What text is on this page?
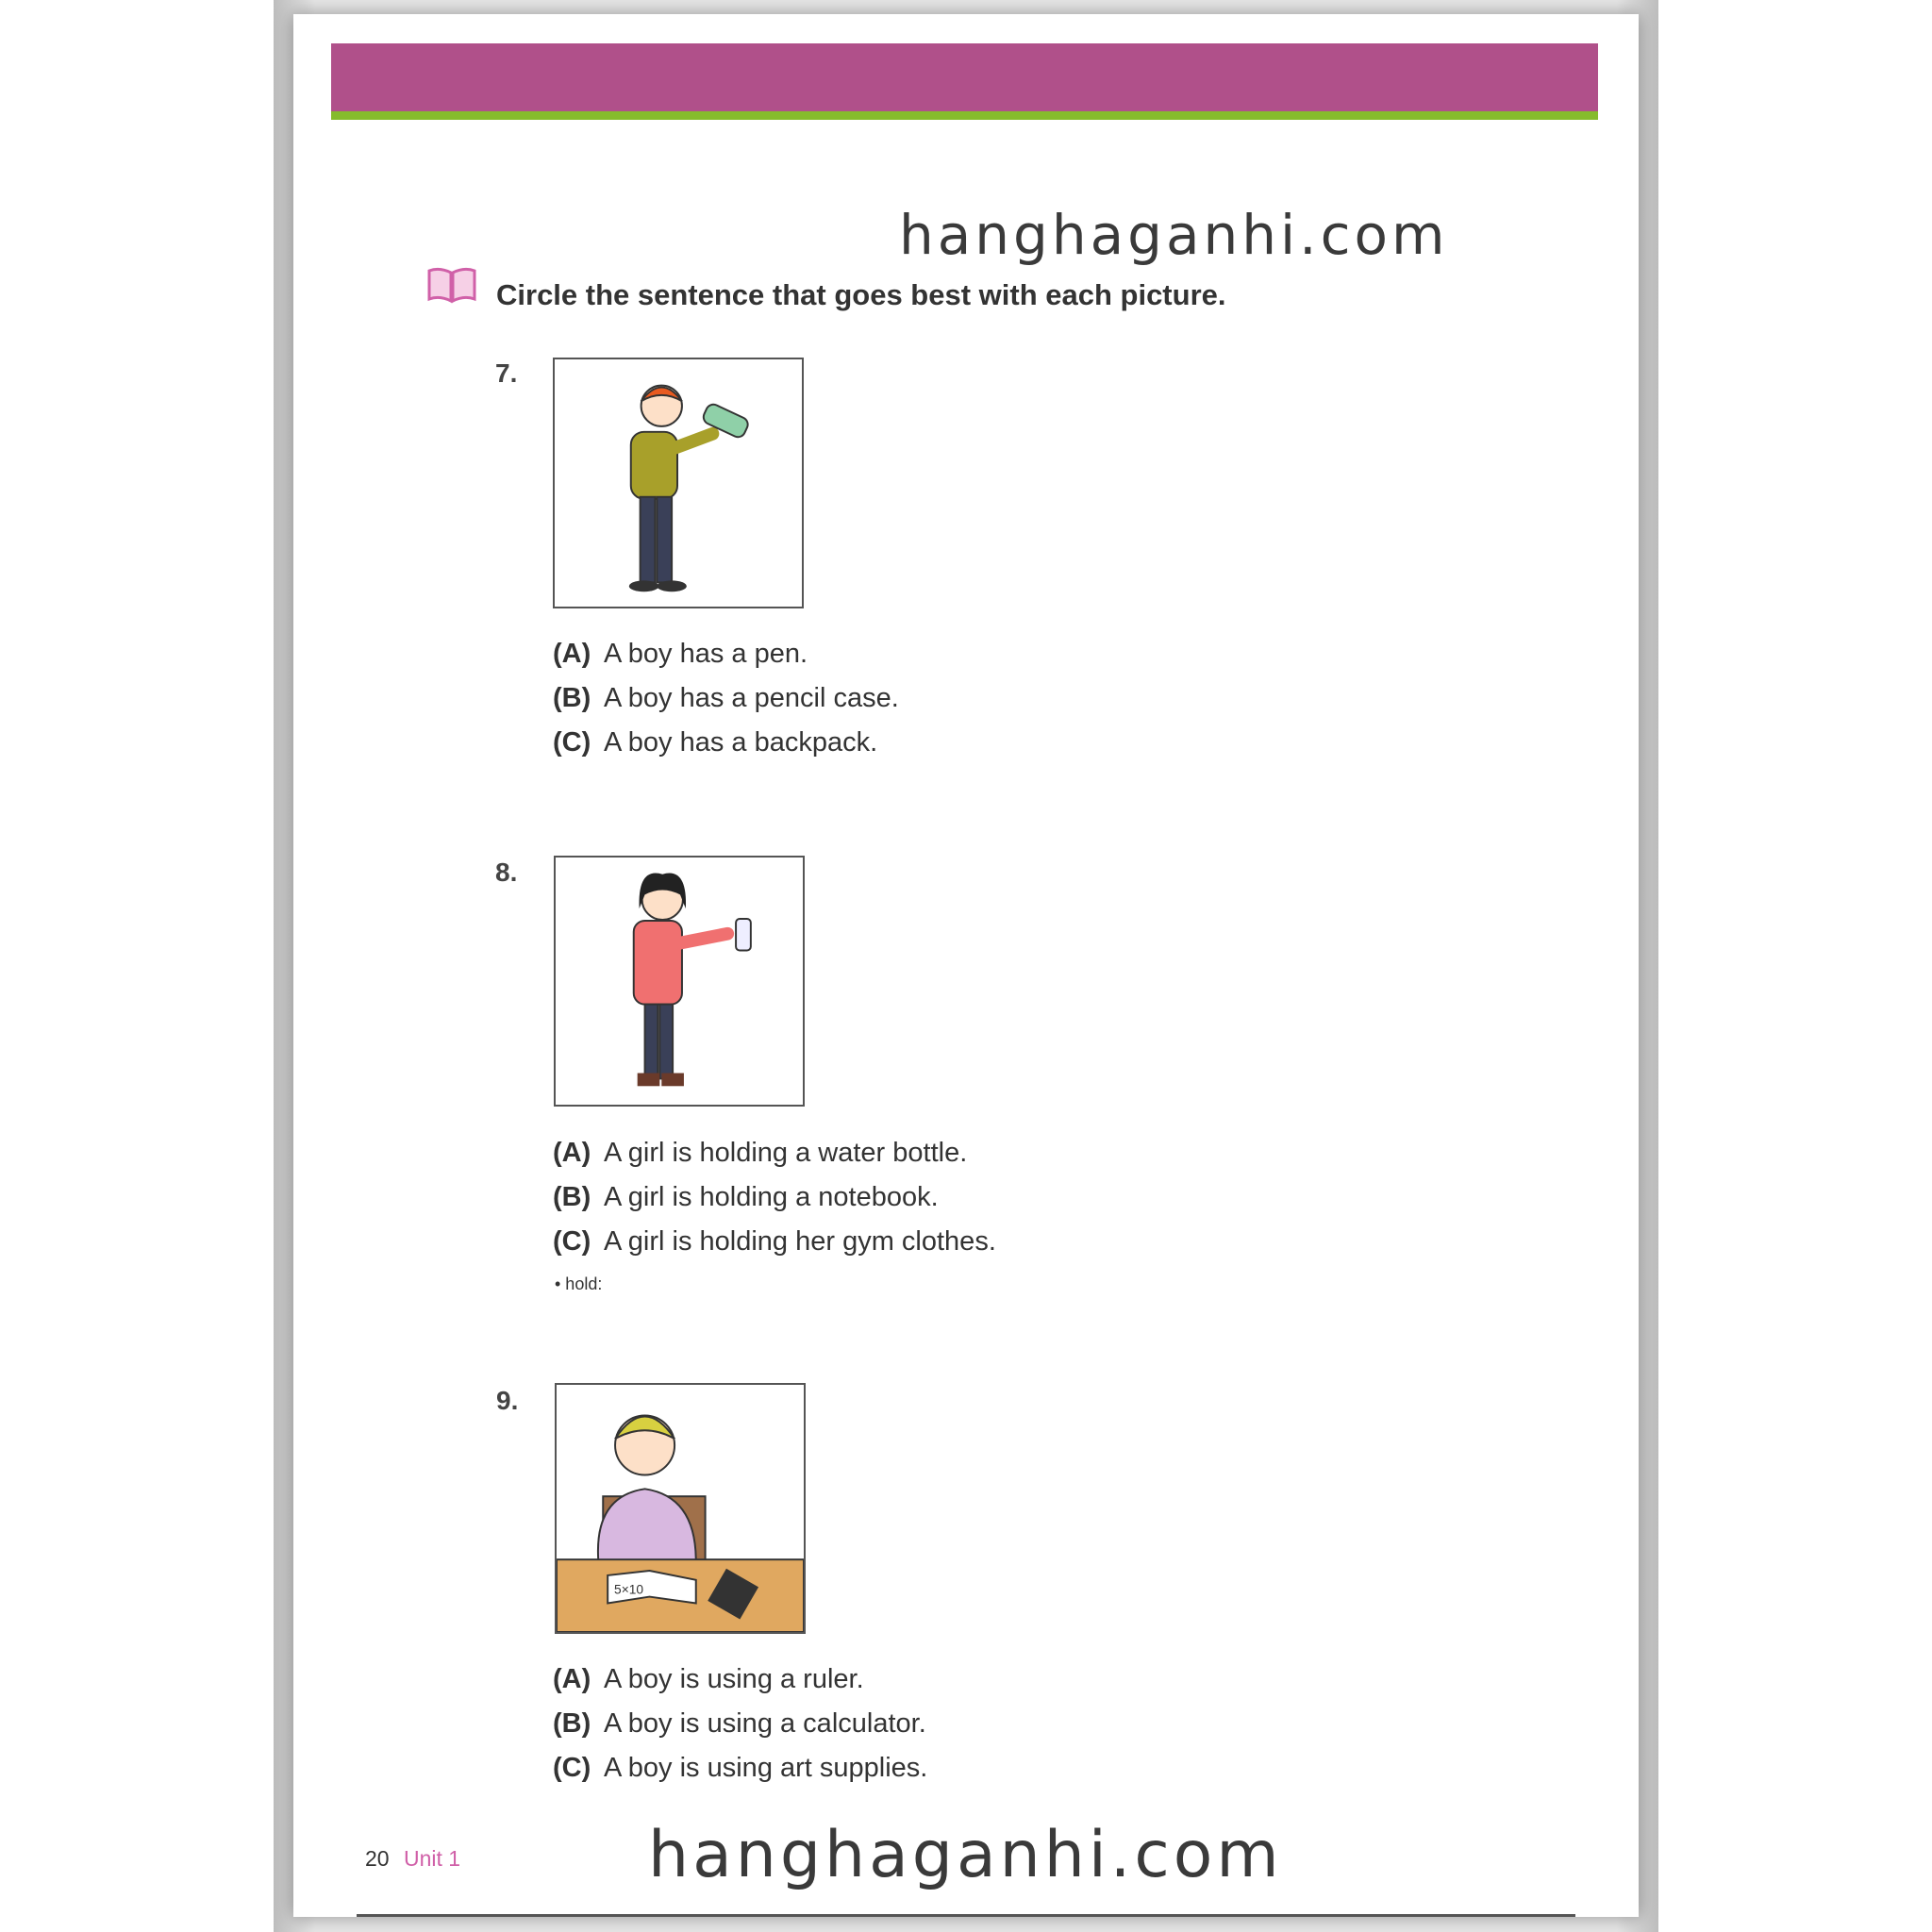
hanghaganhi.com
Circle the sentence that goes best with each picture.
7.
(A) A boy has a pen.
(B) A boy has a pencil case.
(C) A boy has a backpack.
8.
(A) A girl is holding a water bottle.
(B) A girl is holding a notebook.
(C) A girl is holding her gym clothes.
• hold:
9.
5×10
(A) A boy is using a ruler.
(B) A boy is using a calculator.
(C) A boy is using art supplies.
20 Unit 1	hanghaganhi.com
